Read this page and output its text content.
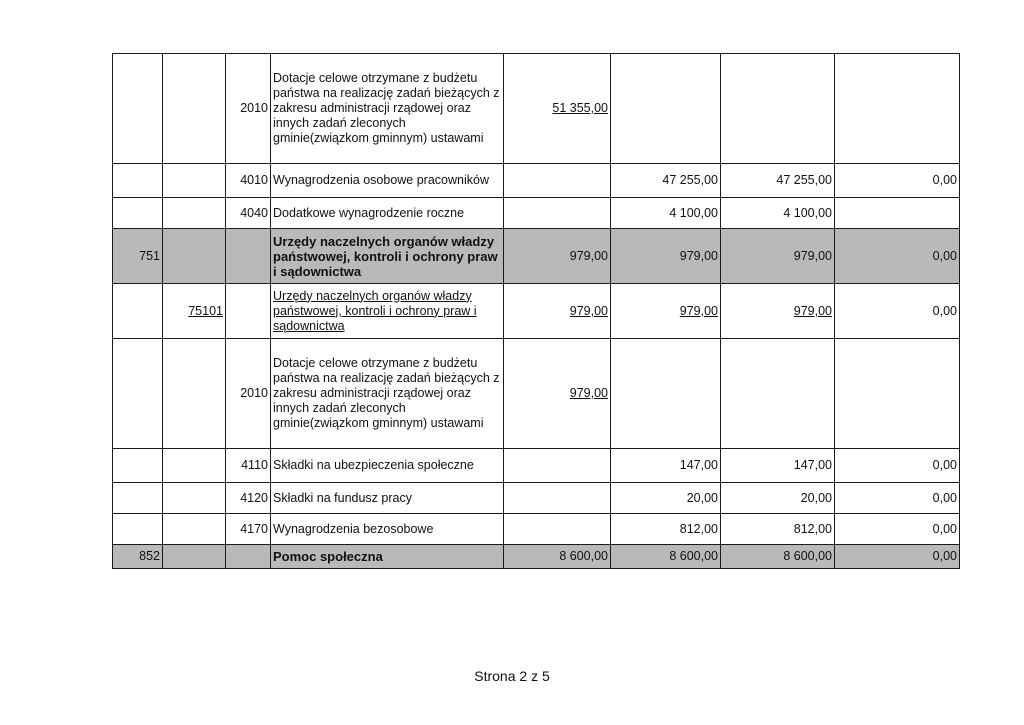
		2010	Dotacje celowe otrzymane z budżetu państwa na realizację zadań bieżących z zakresu administracji rządowej oraz innych zadań zleconych gminie(związkom gminnym) ustawami	51 355,00			
		4010	Wynagrodzenia osobowe pracowników		47 255,00	47 255,00	0,00
		4040	Dodatkowe wynagrodzenie roczne		4 100,00	4 100,00	
751			Urzędy naczelnych organów władzy państwowej, kontroli i ochrony praw i sądownictwa	979,00	979,00	979,00	0,00
	75101		Urzędy naczelnych organów władzy państwowej, kontroli i ochrony praw i sądownictwa	979,00	979,00	979,00	0,00
		2010	Dotacje celowe otrzymane z budżetu państwa na realizację zadań bieżących z zakresu administracji rządowej oraz innych zadań zleconych gminie(związkom gminnym) ustawami	979,00			
		4110	Składki na ubezpieczenia społeczne		147,00	147,00	0,00
		4120	Składki na fundusz pracy		20,00	20,00	0,00
		4170	Wynagrodzenia bezosobowe		812,00	812,00	0,00
852			Pomoc społeczna	8 600,00	8 600,00	8 600,00	0,00
Strona 2 z 5
